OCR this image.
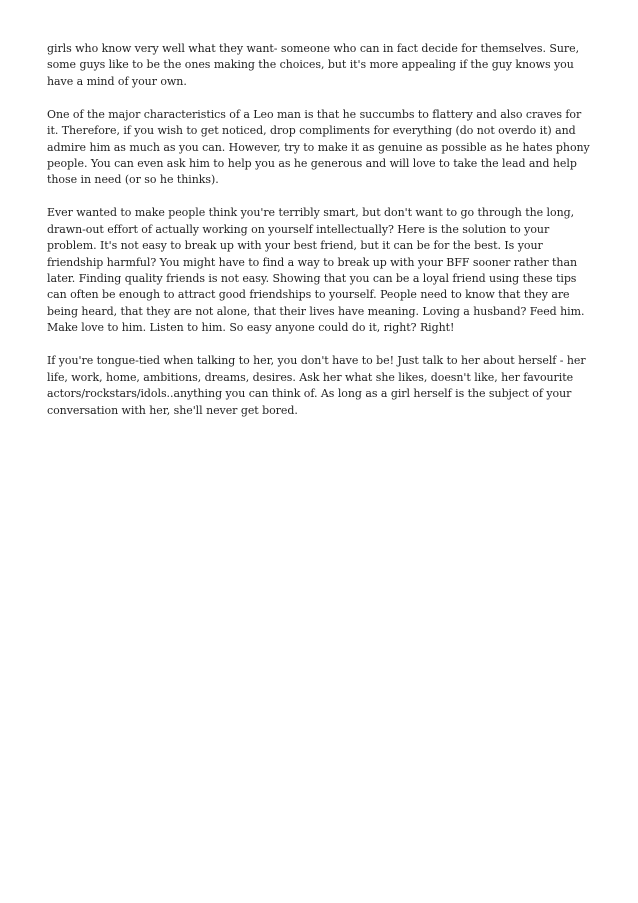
girls who know very well what they want- someone who can in fact decide for themselves. Sure, some guys like to be the ones making the choices, but it's more appealing if the guy knows you have a mind of your own.

One of the major characteristics of a Leo man is that he succumbs to flattery and also craves for it. Therefore, if you wish to get noticed, drop compliments for everything (do not overdo it) and admire him as much as you can. However, try to make it as genuine as possible as he hates phony people. You can even ask him to help you as he generous and will love to take the lead and help those in need (or so he thinks).

Ever wanted to make people think you're terribly smart, but don't want to go through the long, drawn-out effort of actually working on yourself intellectually? Here is the solution to your problem. It's not easy to break up with your best friend, but it can be for the best. Is your friendship harmful? You might have to find a way to break up with your BFF sooner rather than later. Finding quality friends is not easy. Showing that you can be a loyal friend using these tips can often be enough to attract good friendships to yourself. People need to know that they are being heard, that they are not alone, that their lives have meaning. Loving a husband? Feed him. Make love to him. Listen to him. So easy anyone could do it, right? Right!

If you're tongue-tied when talking to her, you don't have to be! Just talk to her about herself - her life, work, home, ambitions, dreams, desires. Ask her what she likes, doesn't like, her favourite actors/rockstars/idols..anything you can think of. As long as a girl herself is the subject of your conversation with her, she'll never get bored.
